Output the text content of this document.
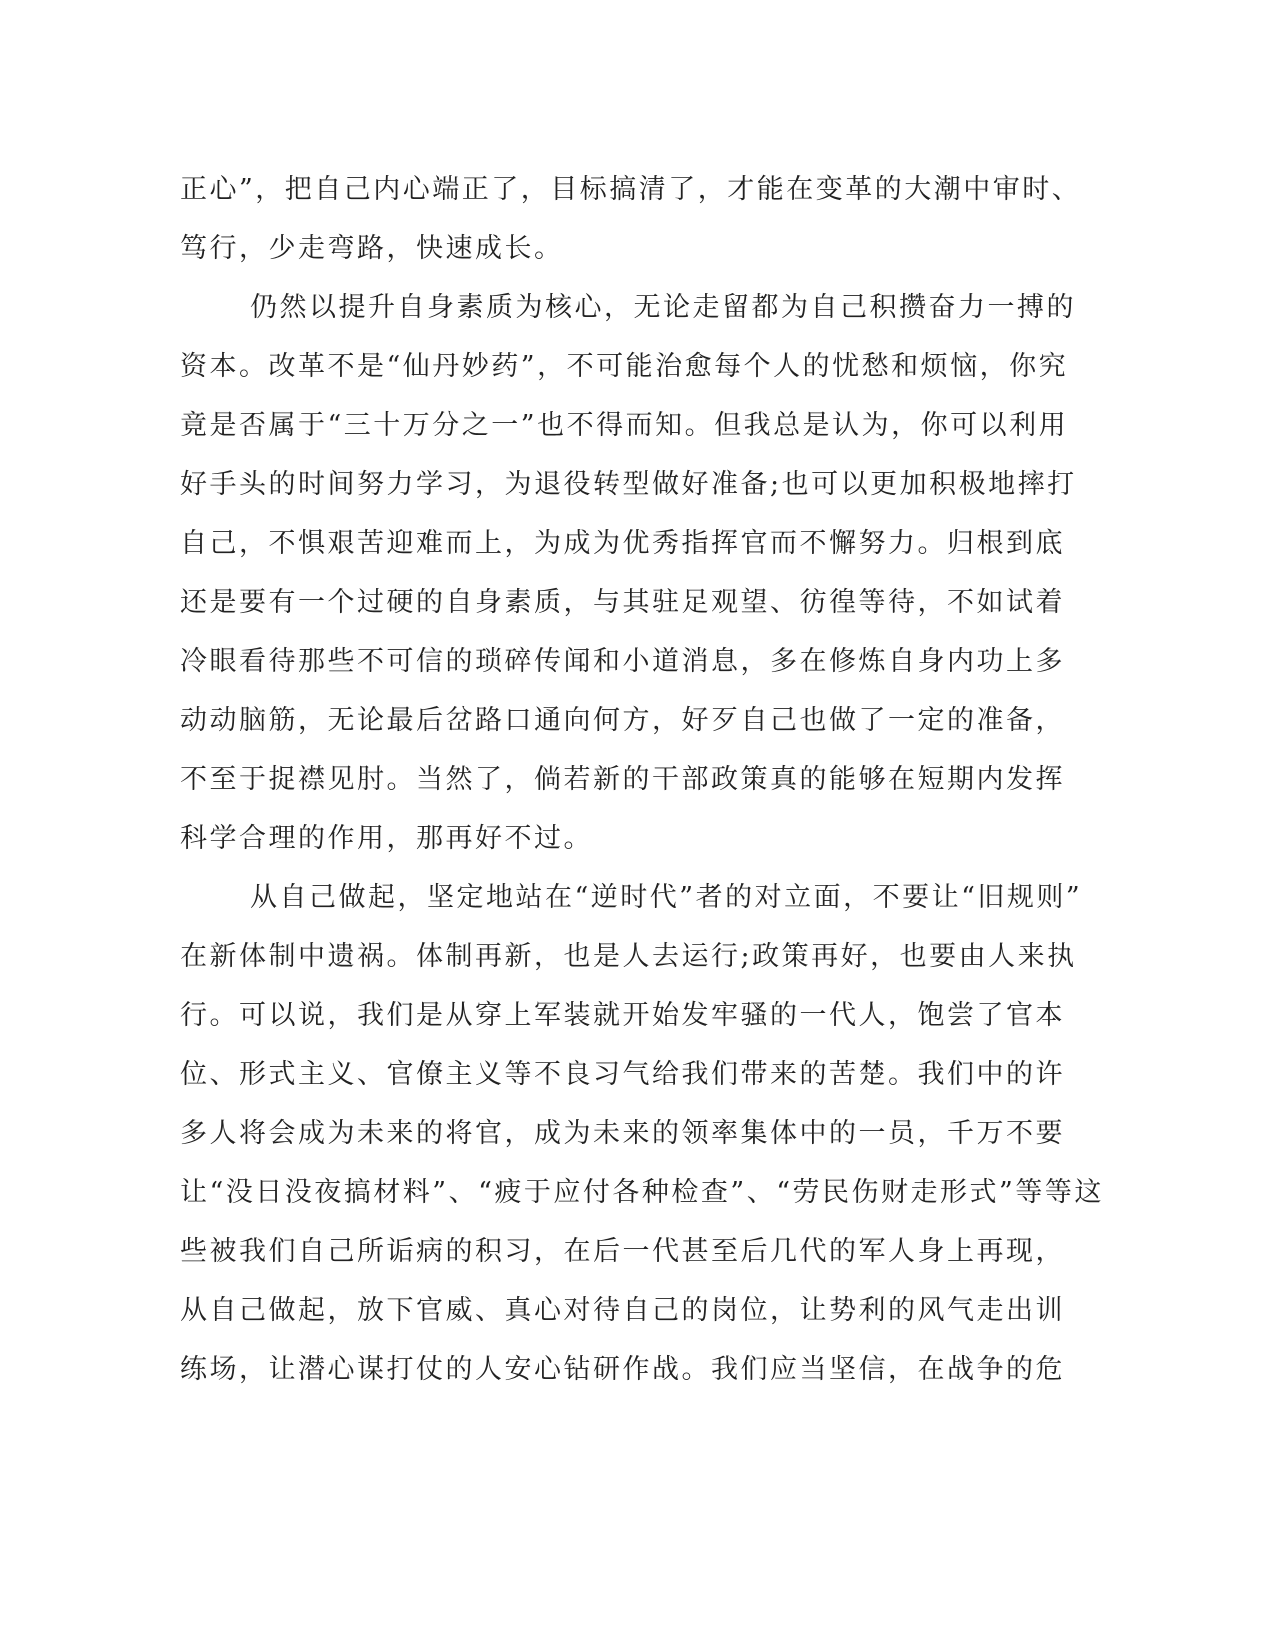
正心”，把自己内心端正了，目标搞清了，才能在变革的大潮中审时、
笃行，少走弯路，快速成长。
仍然以提升自身素质为核心，无论走留都为自己积攒奋力一搏的
资本。改革不是“仙丹妙药”，不可能治愈每个人的忧愁和烦恼，你究
竟是否属于“三十万分之一”也不得而知。但我总是认为，你可以利用
好手头的时间努力学习，为退役转型做好准备;也可以更加积极地摔打
自己，不惧艰苦迎难而上，为成为优秀指挥官而不懈努力。归根到底
还是要有一个过硬的自身素质，与其驻足观望、彷徨等待，不如试着
冷眼看待那些不可信的琐碎传闻和小道消息，多在修炼自身内功上多
动动脑筋，无论最后岔路口通向何方，好歹自己也做了一定的准备，
不至于捉襟见肘。当然了，倘若新的干部政策真的能够在短期内发挥
科学合理的作用，那再好不过。
从自己做起，坚定地站在“逆时代”者的对立面，不要让“旧规则”
在新体制中遗祸。体制再新，也是人去运行;政策再好，也要由人来执
行。可以说，我们是从穿上军装就开始发牢骚的一代人，饱尝了官本
位、形式主义、官僚主义等不良习气给我们带来的苦楚。我们中的许
多人将会成为未来的将官，成为未来的领率集体中的一员，千万不要
让“没日没夜搞材料”、“疲于应付各种检查”、“劳民伤财走形式”等等这
些被我们自己所诟病的积习，在后一代甚至后几代的军人身上再现，
从自己做起，放下官威、真心对待自己的岗位，让势利的风气走出训
练场，让潜心谋打仗的人安心钻研作战。我们应当坚信，在战争的危
